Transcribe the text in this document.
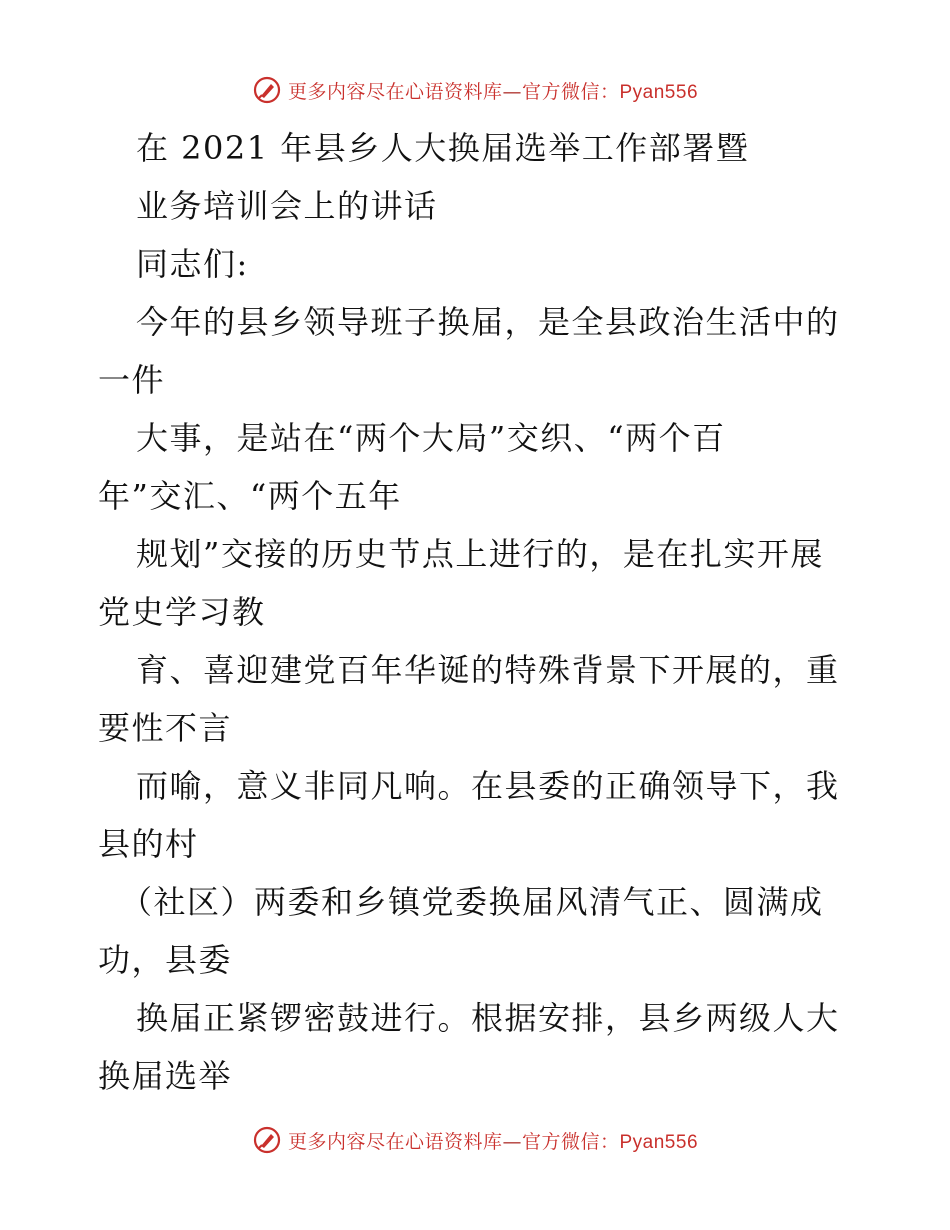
更多内容尽在心语资料库—官方微信：Pyan556
在 2021 年县乡人大换届选举工作部署暨
业务培训会上的讲话
同志们:
今年的县乡领导班子换届，是全县政治生活中的
一件
大事，是站在“两个大局”交织、“两个百
年”交汇、“两个五年
规划”交接的历史节点上进行的，是在扎实开展
党史学习教
育、喜迎建党百年华诞的特殊背景下开展的，重
要性不言
而喻，意义非同凡响。在县委的正确领导下，我
县的村
（社区）两委和乡镇党委换届风清气正、圆满成
功，县委
换届正紧锣密鼓进行。根据安排，县乡两级人大
换届选举
更多内容尽在心语资料库—官方微信：Pyan556
